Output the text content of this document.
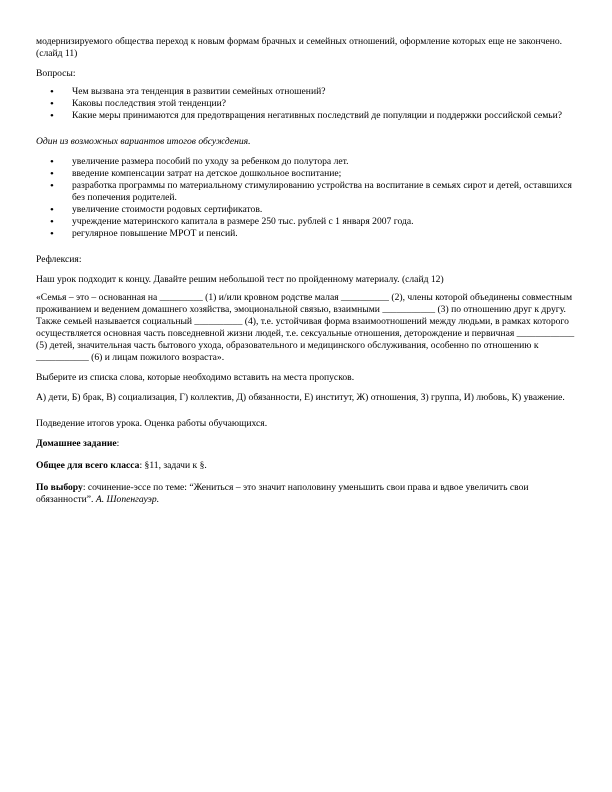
модернизируемого общества переход к новым формам брачных и семейных отношений, оформление которых еще не закончено. (слайд 11)

Вопросы:

• Чем вызвана эта тенденция в развитии семейных отношений?
• Каковы последствия этой тенденции?
• Какие меры принимаются для предотвращения негативных последствий де популяции и поддержки российской семьи?

Один из возможных вариантов итогов обсуждения.

• увеличение размера пособий по уходу за ребенком до полутора лет.
• введение компенсации затрат на детское дошкольное воспитание;
• разработка программы по материальному стимулированию устройства на воспитание в семьях сирот и детей, оставшихся без попечения родителей.
• увеличение стоимости родовых сертификатов.
• учреждение материнского капитала в размере 250 тыс. рублей с 1 января 2007 года.
• регулярное повышение МРОТ и пенсий.

Рефлексия:

Наш урок подходит к концу. Давайте решим небольшой тест по пройденному материалу. (слайд 12)

«Семья – это – основанная на _________ (1) и/или кровном родстве малая __________ (2), члены которой объединены совместным проживанием и ведением домашнего хозяйства, эмоциональной связью, взаимными ___________ (3) по отношению друг к другу. Также семьей называется социальный __________ (4), т.е. устойчивая форма взаимоотношений между людьми, в рамках которого осуществляется основная часть повседневной жизни людей, т.е. сексуальные отношения, деторождение и первичная ____________ (5) детей, значительная часть бытового ухода, образовательного и медицинского обслуживания, особенно по отношению к ___________ (6) и лицам пожилого возраста».

Выберите из списка слова, которые необходимо вставить на места пропусков.

А) дети, Б) брак, В) социализация, Г) коллектив, Д) обязанности, Е) институт, Ж) отношения, З) группа, И) любовь, К) уважение.

Подведение итогов урока. Оценка работы обучающихся.

Домашнее задание:

Общее для всего класса: §11, задачи к §.

По выбору: сочинение-эссе по теме: “Жениться – это значит наполовину уменьшить свои права и вдвое увеличить свои обязанности”. А. Шопенгауэр.
